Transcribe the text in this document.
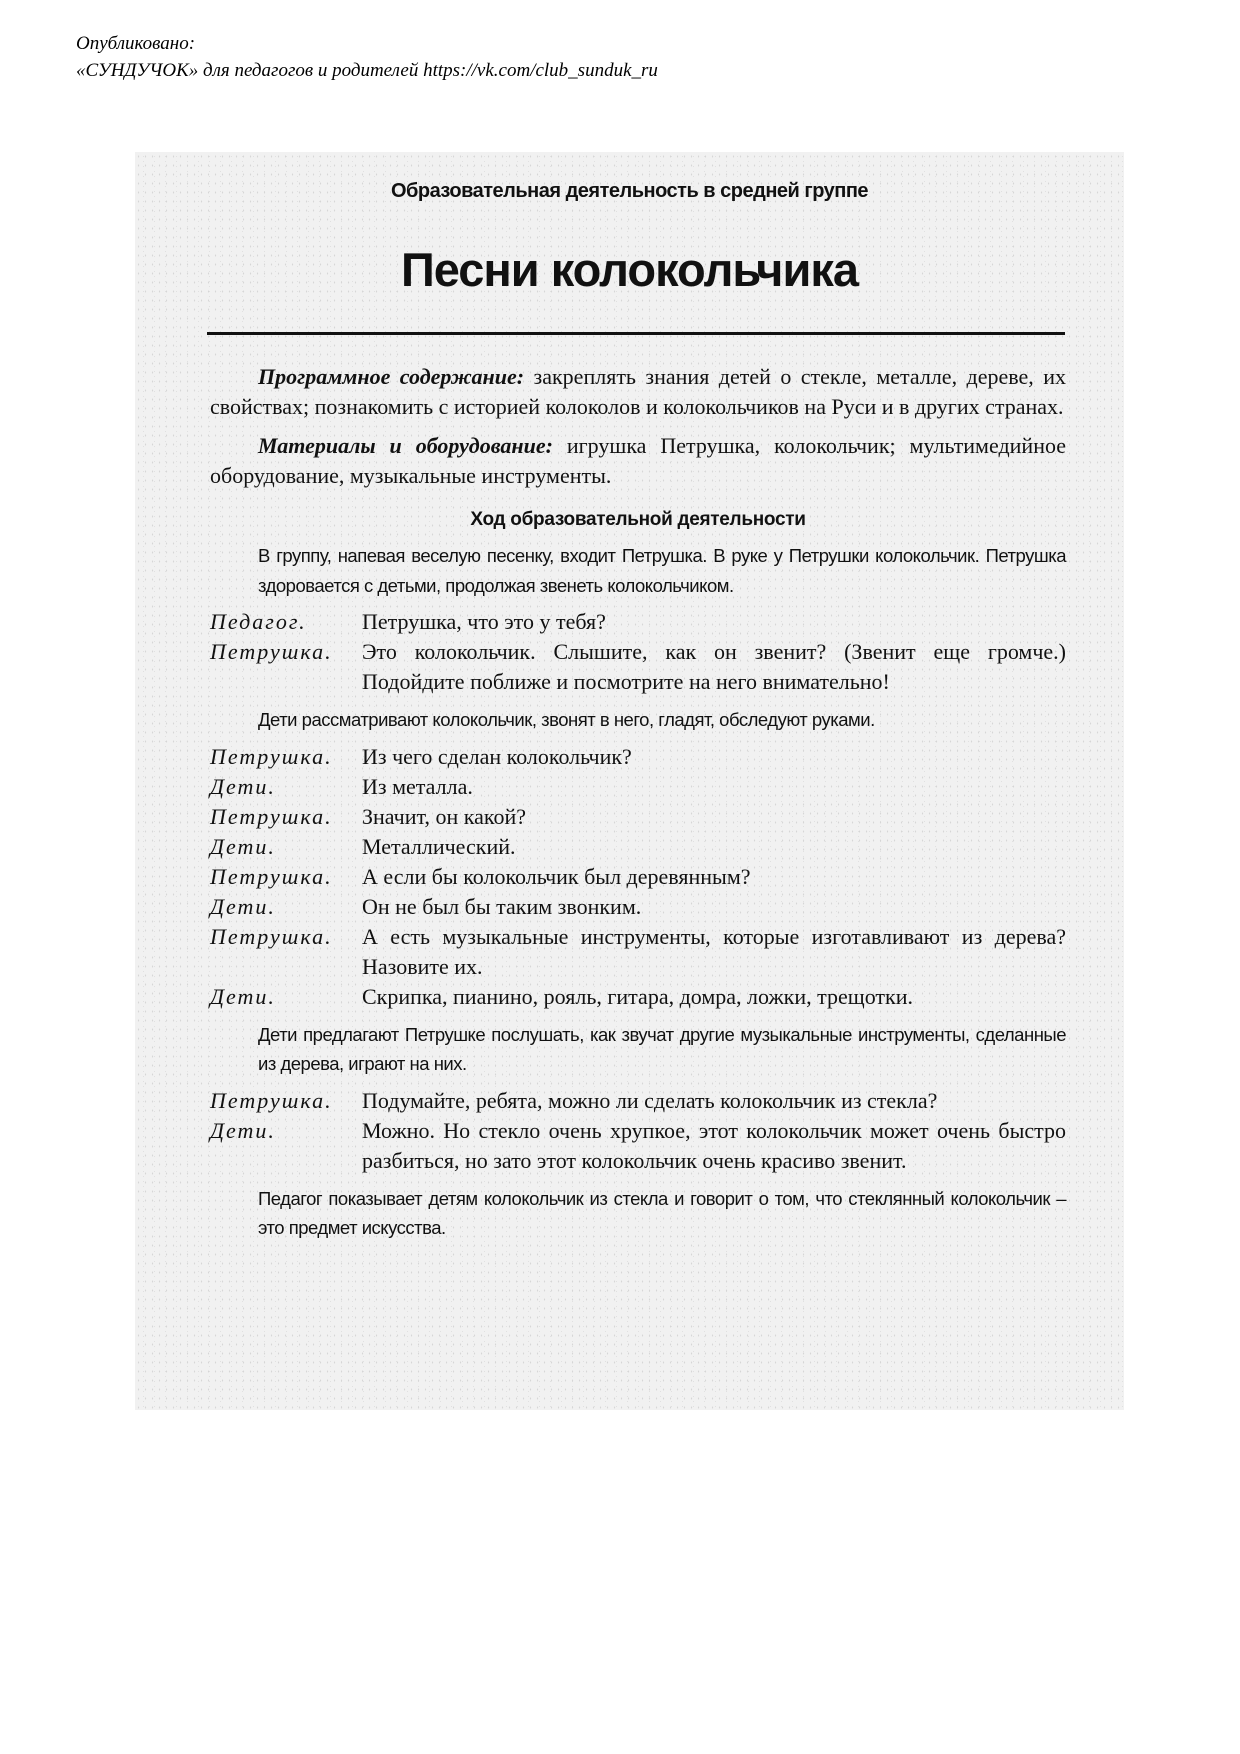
Опубликовано:
«СУНДУЧОК» для педагогов и родителей https://vk.com/club_sunduk_ru
Образовательная деятельность в средней группе
Песни колокольчика

Программное содержание: закреплять знания детей о стекле, металле, дереве, их свойствах; познакомить с историей колоколов и колокольчиков на Руси и в других странах.

Материалы и оборудование: игрушка Петрушка, колокольчик; мультимедийное оборудование, музыкальные инструменты.

Ход образовательной деятельности
В группу, напевая веселую песенку, входит Петрушка. В руке у Петрушки колокольчик. Петрушка здоровается с детьми, продолжая звенеть колокольчиком.
Педагог.	Петрушка, что это у тебя?
Петрушка.	Это колокольчик. Слышите, как он звенит? (Звенит еще громче.) Подойдите поближе и посмотрите на него внимательно!
Дети рассматривают колокольчик, звонят в него, гладят, обследуют руками.
Петрушка.	Из чего сделан колокольчик?
Дети.	Из металла.
Петрушка.	Значит, он какой?
Дети.	Металлический.
Петрушка.	А если бы колокольчик был деревянным?
Дети.	Он не был бы таким звонким.
Петрушка.	А есть музыкальные инструменты, которые изготавливают из дерева? Назовите их.
Дети.	Скрипка, пианино, рояль, гитара, домра, ложки, трещотки.
Дети предлагают Петрушке послушать, как звучат другие музыкальные инструменты, сделанные из дерева, играют на них.
Петрушка.	Подумайте, ребята, можно ли сделать колокольчик из стекла?
Дети.	Можно. Но стекло очень хрупкое, этот колокольчик может очень быстро разбиться, но зато этот колокольчик очень красиво звенит.
Педагог показывает детям колокольчик из стекла и говорит о том, что стеклянный колокольчик – это предмет искусства.
